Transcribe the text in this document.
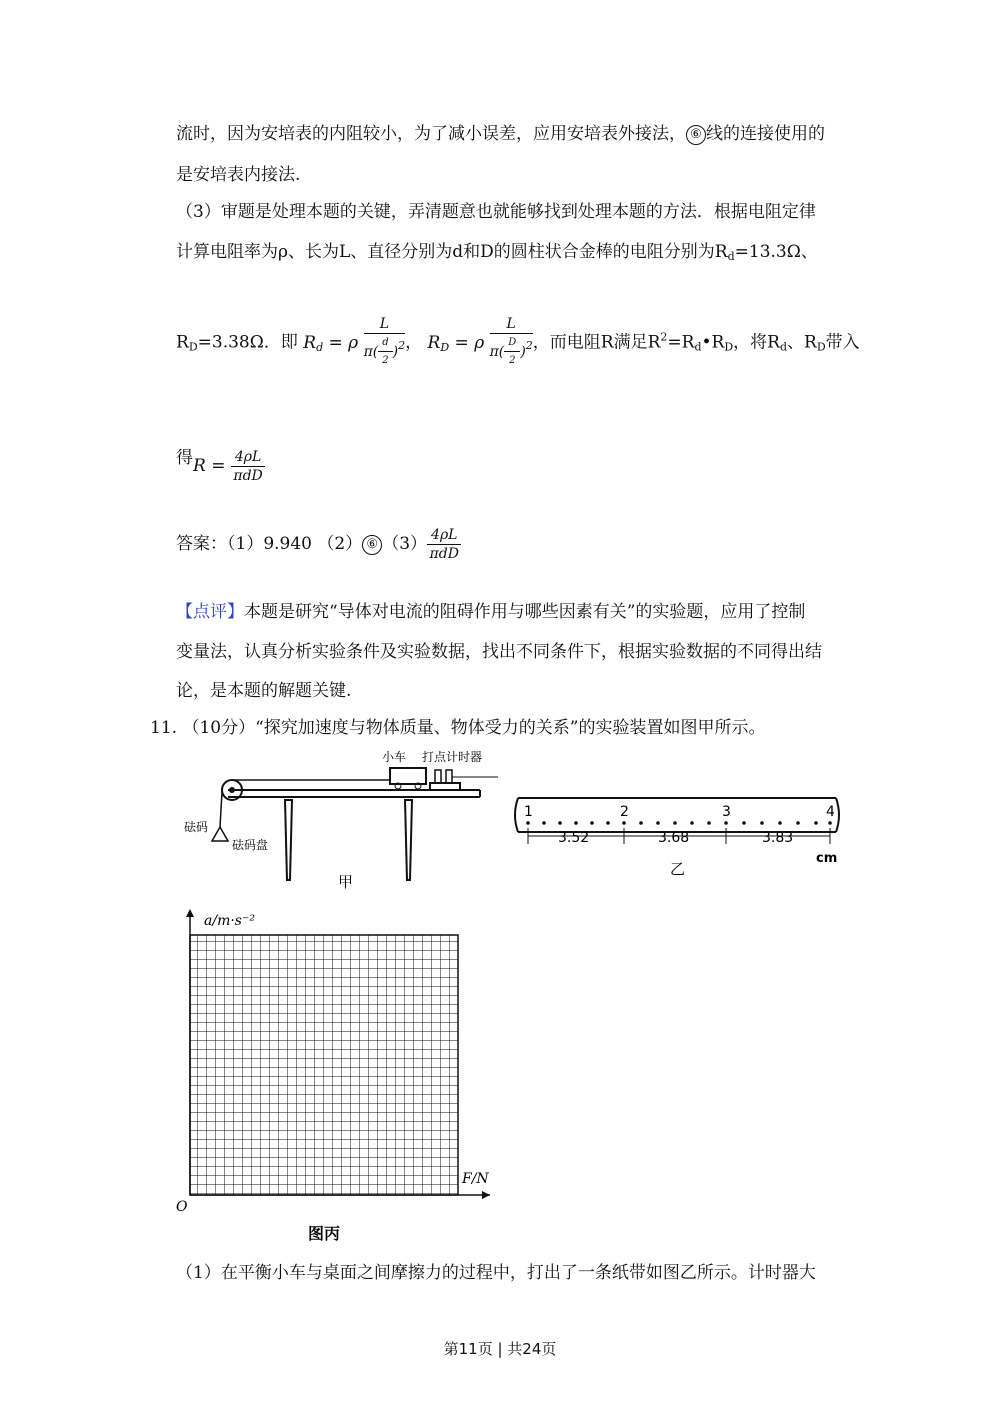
流时，因为安培表的内阻较小，为了减小误差，应用安培表外接法， ⑥ 线的连接使用的
是安培表内接法.
（3）审题是处理本题的关键，弄清题意也就能够找到处理本题的方法．根据电阻定律
计算电阻率为ρ、长为L、直径分别为d和D的圆柱状合金棒的电阻分别为$R_d=13.3\Omega$、
$R_D=3.38\Omega$．即 $R_d = \rho \frac{L}{\pi( \frac{d}{2} )^2}$ ， $R_D = \rho \frac{L}{\pi( \frac{D}{2} )^2}$ ，而电阻R满足$R^2=R_d•R_D$，将$R_d$、$R_D$带入
得$R = \frac{4\rho L}{\text{πdD}}$
答案：（1）9.940 （2） ⑥ $(3) \frac{4\rho L}{\text{πdD}}$
【点评】本题是研究“导体对电流的阻碍作用与哪些因素有关”的实验题，应用了控制
变量法，认真分析实验条件及实验数据，找出不同条件下，根据实验数据的不同得出结
论，是本题的解题关键.
11. （10分）“探究加速度与物体质量、物体受力的关系”的实验装置如图甲所示。
小车 打点计时器
砝码
砝码盘
甲
1	2	3	4
3.52	3.68	3.83
cm
乙
a/m·s⁻²
F/N
O
图丙
（1）在平衡小车与桌面之间摩擦力的过程中，打出了一条纸带如图乙所示。计时器大
第11页 | 共24页
